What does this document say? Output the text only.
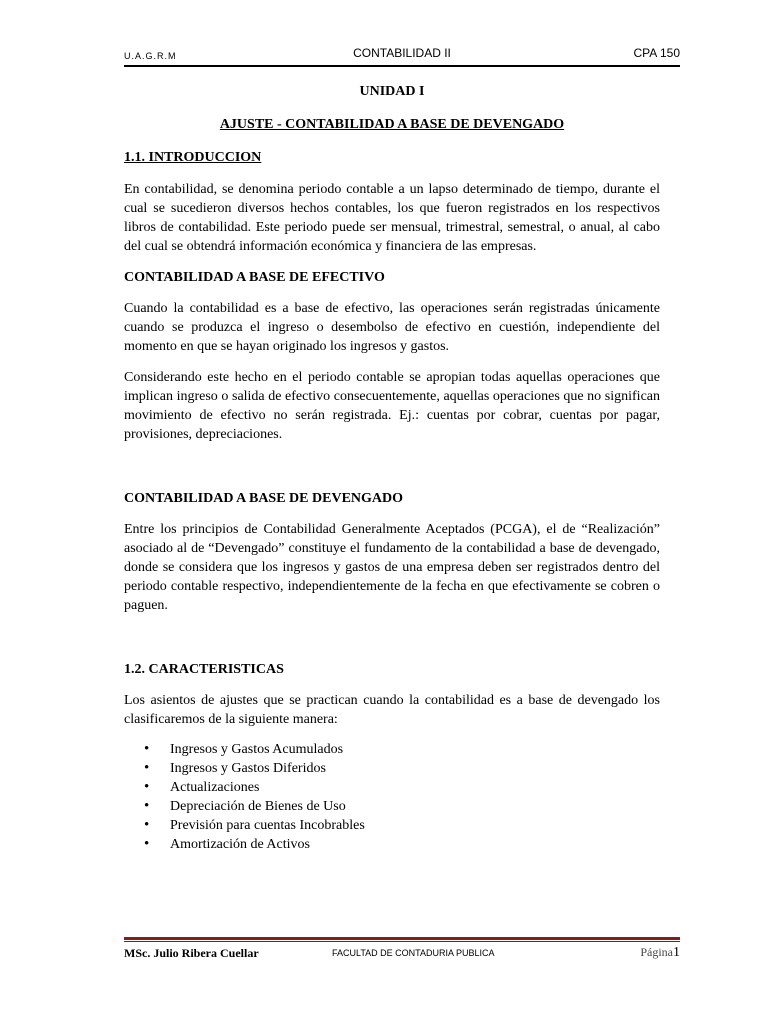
U.A.G.R.M	CONTABILIDAD II	CPA 150
UNIDAD I
AJUSTE - CONTABILIDAD A BASE DE DEVENGADO
1.1. INTRODUCCION

En contabilidad, se denomina periodo contable a un lapso determinado de tiempo, durante el cual se sucedieron diversos hechos contables, los que fueron registrados en los respectivos libros de contabilidad. Este periodo puede ser mensual, trimestral, semestral, o anual, al cabo del cual se obtendrá información económica y financiera de las empresas.

CONTABILIDAD A BASE DE EFECTIVO

Cuando la contabilidad es a base de efectivo, las operaciones serán registradas únicamente cuando se produzca el ingreso o desembolso de efectivo en cuestión, independiente del momento en que se hayan originado los ingresos y gastos.

Considerando este hecho en el periodo contable se apropian todas aquellas operaciones que implican ingreso o salida de efectivo consecuentemente, aquellas operaciones que no significan movimiento de efectivo no serán registrada. Ej.: cuentas por cobrar, cuentas por pagar, provisiones, depreciaciones.

CONTABILIDAD A BASE DE DEVENGADO

Entre los principios de Contabilidad Generalmente Aceptados (PCGA), el de “Realización” asociado al de “Devengado” constituye el fundamento de la contabilidad a base de devengado, donde se considera que los ingresos y gastos de una empresa deben ser registrados dentro del periodo contable respectivo, independientemente de la fecha en que efectivamente se cobren o paguen.

1.2. CARACTERISTICAS

Los asientos de ajustes que se practican cuando la contabilidad es a base de devengado los clasificaremos de la siguiente manera:

• Ingresos y Gastos Acumulados
• Ingresos y Gastos Diferidos
• Actualizaciones
• Depreciación de Bienes de Uso
• Previsión para cuentas Incobrables
• Amortización de Activos
MSc. Julio Ribera Cuellar	FACULTAD DE CONTADURIA PUBLICA	Página1
